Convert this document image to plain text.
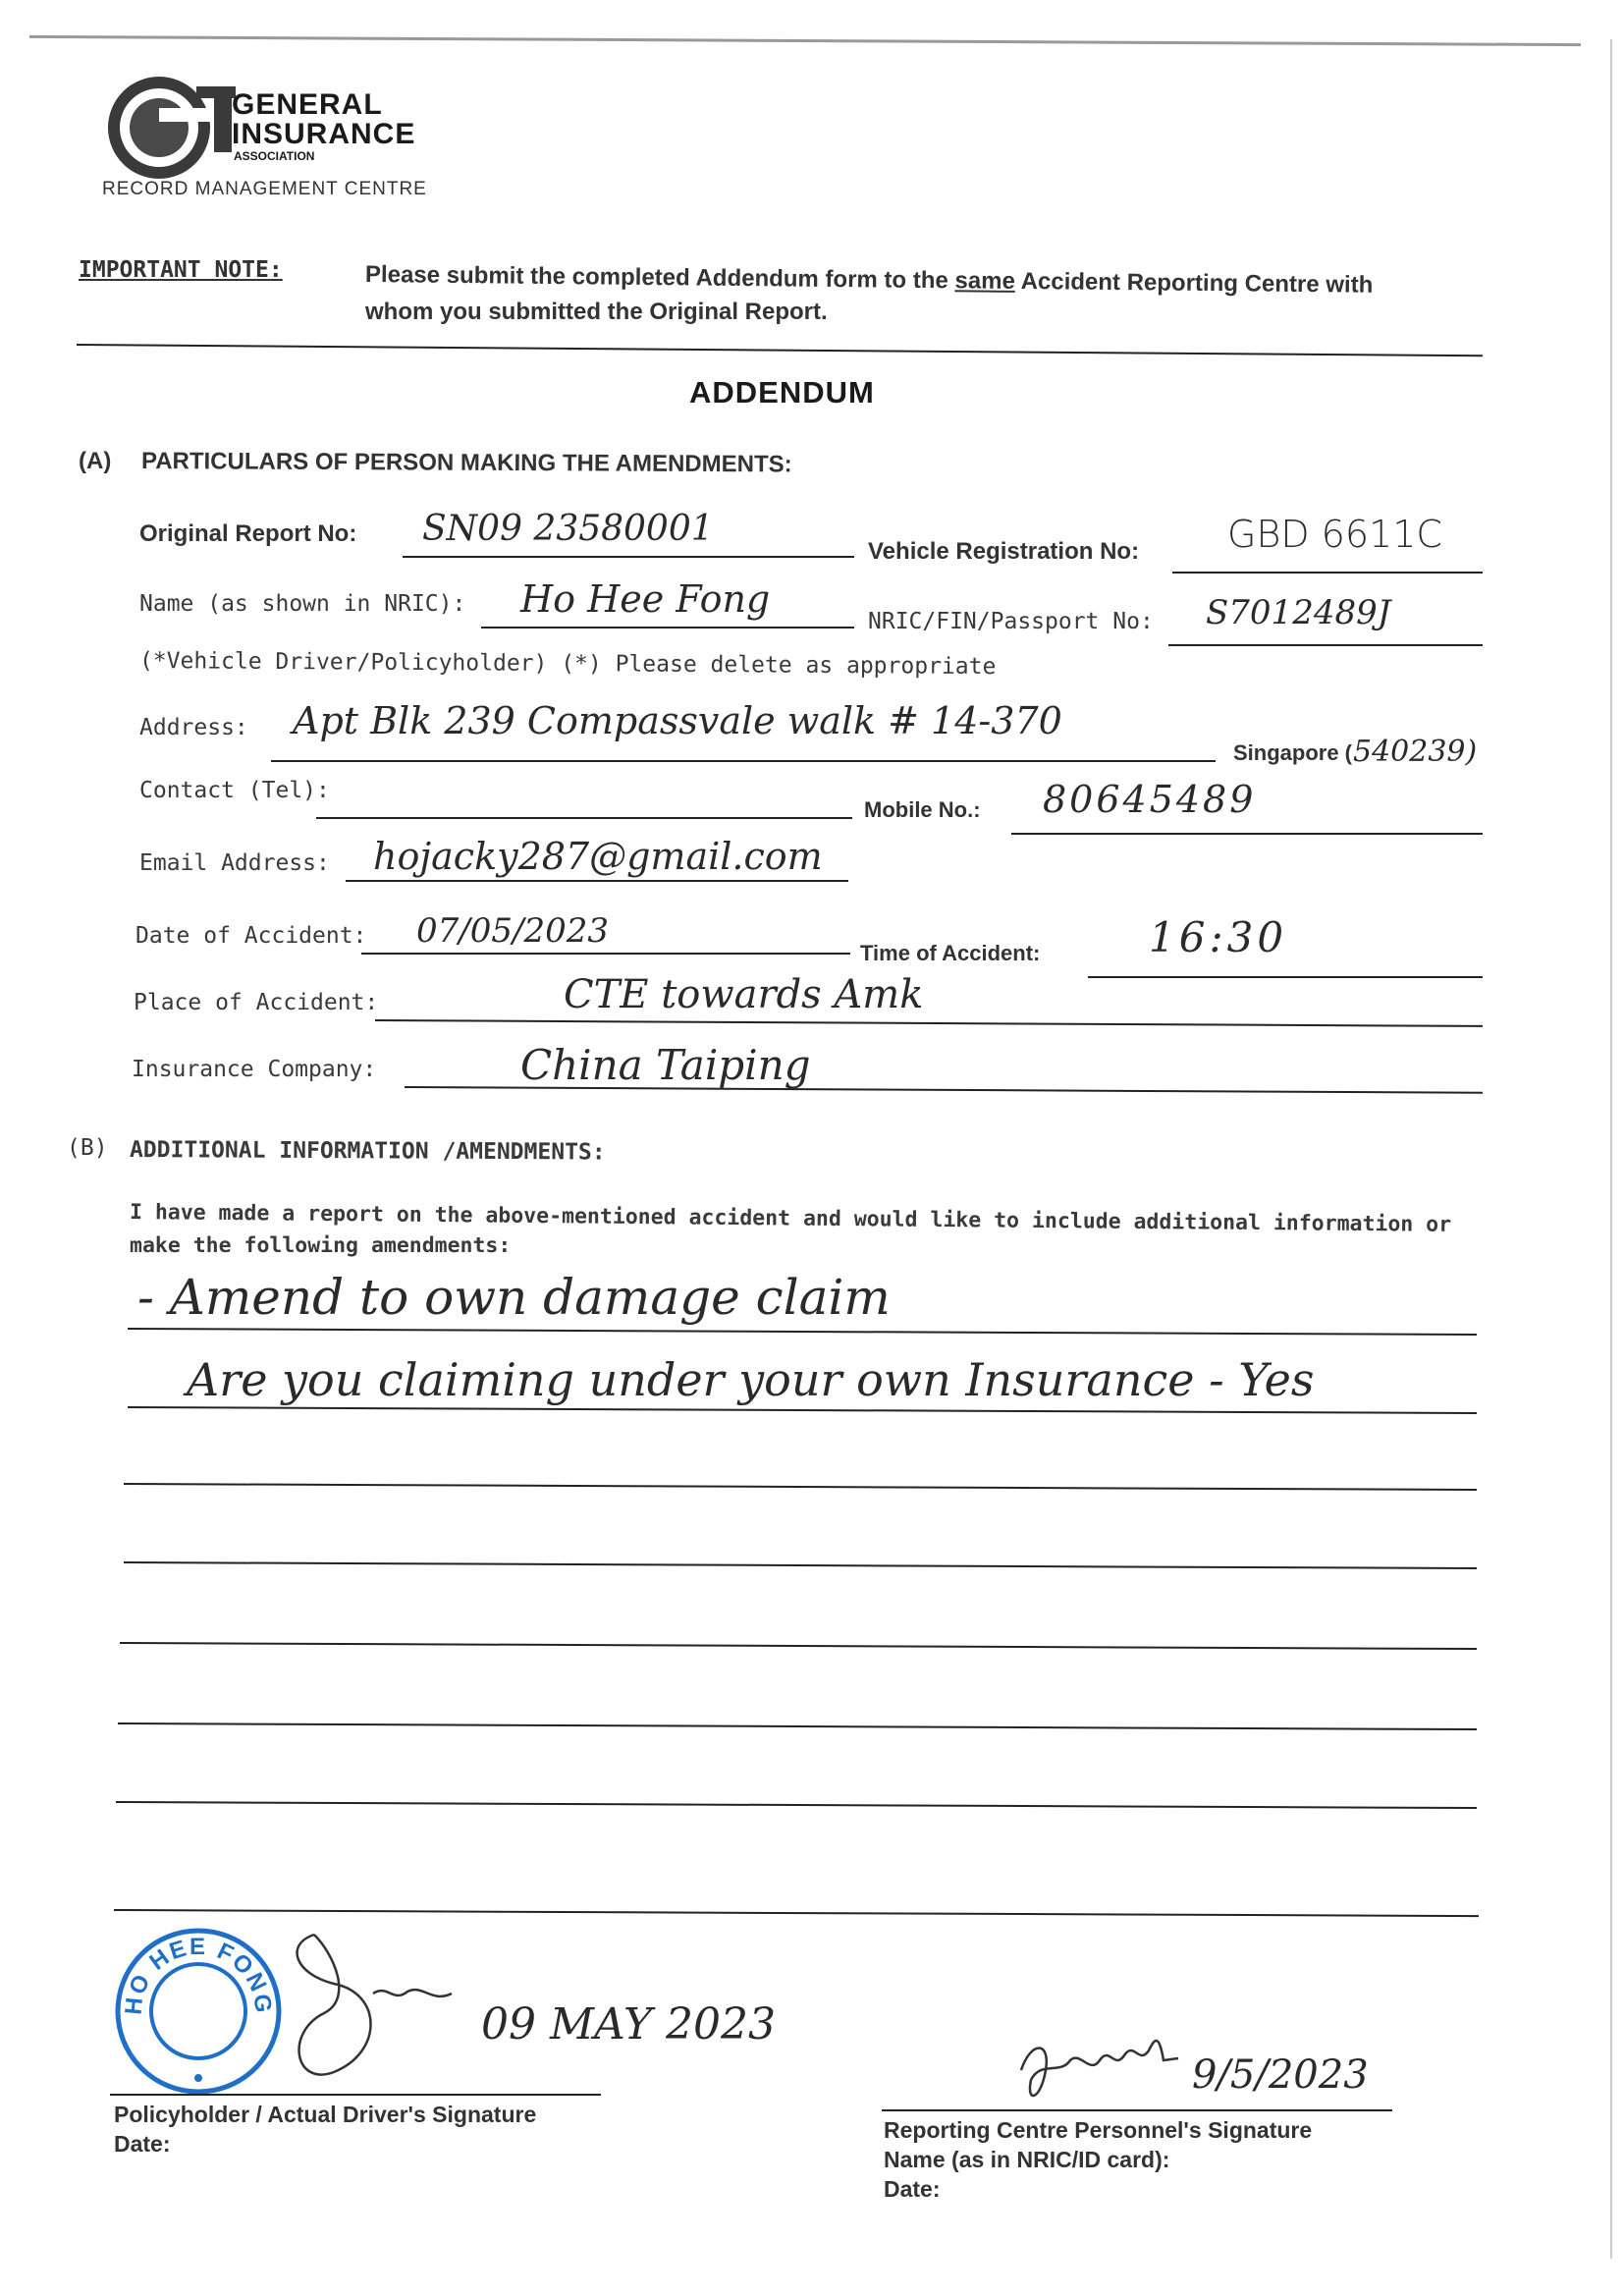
GENERAL
INSURANCE
ASSOCIATION
RECORD MANAGEMENT CENTRE
IMPORTANT NOTE:	Please submit the completed Addendum form to the same Accident Reporting Centre with
whom you submitted the Original Report.
ADDENDUM
(A) PARTICULARS OF PERSON MAKING THE AMENDMENTS:
Original Report No: SN09 23580001
Vehicle Registration No: GBD 6611C
Name (as shown in NRIC): Ho Hee Fong
NRIC/FIN/Passport No: S7012489J
(*Vehicle Driver/Policyholder) (*) Please delete as appropriate
Address: Apt Blk 239 Compassvale walk # 14-370
Singapore ( 540239)
Contact (Tel):
Mobile No.: 80645489
Email Address: hojacky287@gmail.com
Date of Accident: 07/05/2023
Time of Accident:	16:30
Place of Accident:	CTE towards Amk
Insurance Company:	China Taiping
(B) ADDITIONAL INFORMATION /AMENDMENTS:
I have made a report on the above-mentioned accident and would like to include additional information or
make the following amendments:
- Amend to own damage claim
Are you claiming under your own Insurance - Yes
HO HEE FONG	09 MAY 2023
Policyholder / Actual Driver's Signature
Date:
9/5/2023
Reporting Centre Personnel's Signature
Name (as in NRIC/ID card):
Date:
